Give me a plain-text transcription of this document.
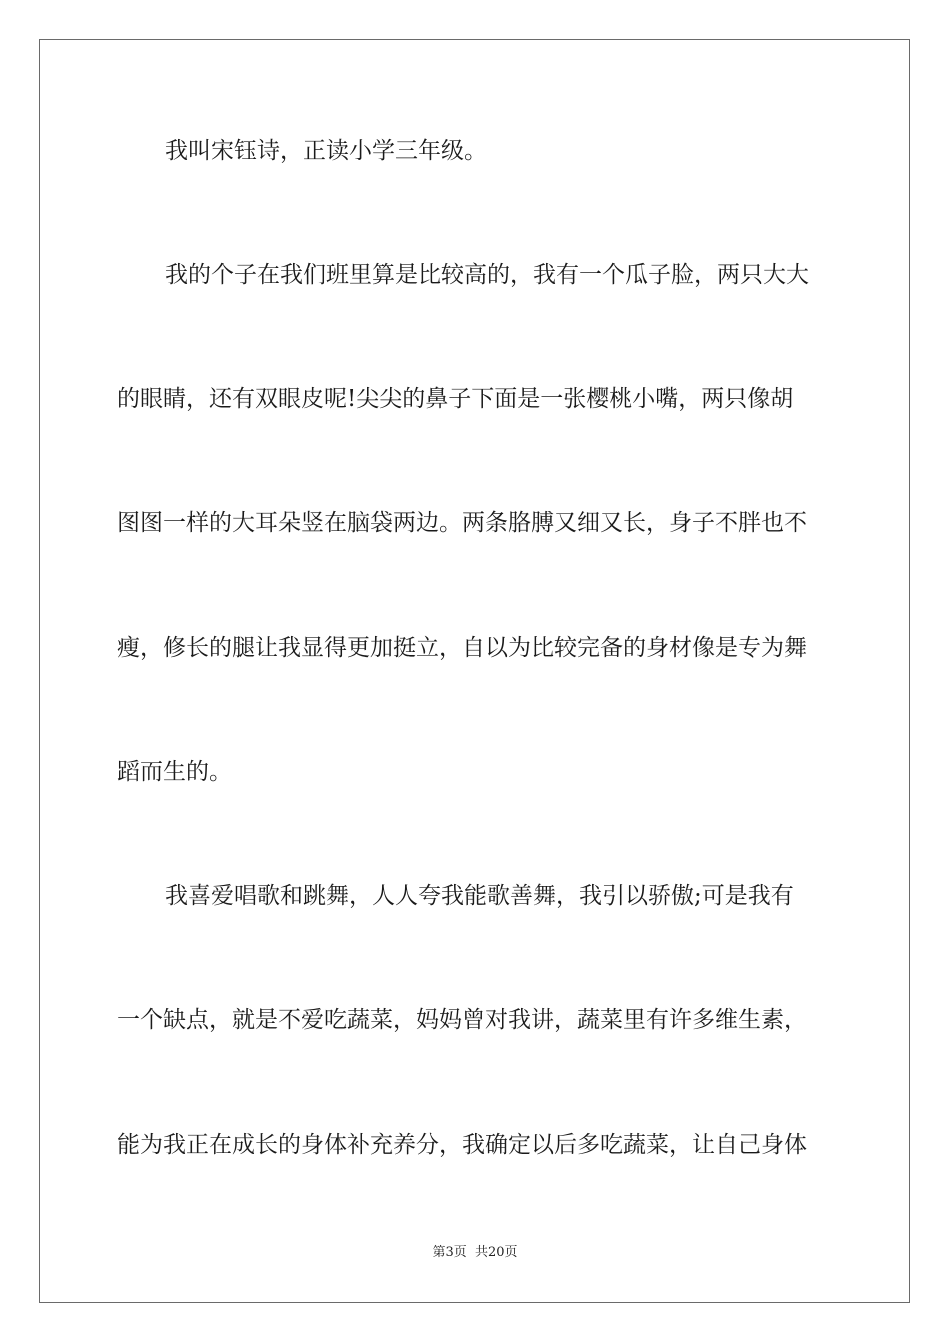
我叫宋钰诗，正读小学三年级。
我的个子在我们班里算是比较高的，我有一个瓜子脸，两只大大
的眼睛，还有双眼皮呢!尖尖的鼻子下面是一张樱桃小嘴，两只像胡
图图一样的大耳朵竖在脑袋两边。两条胳膊又细又长，身子不胖也不
瘦，修长的腿让我显得更加挺立，自以为比较完备的身材像是专为舞
蹈而生的。
我喜爱唱歌和跳舞，人人夸我能歌善舞，我引以骄傲;可是我有
一个缺点，就是不爱吃蔬菜，妈妈曾对我讲，蔬菜里有许多维生素，
能为我正在成长的身体补充养分，我确定以后多吃蔬菜，让自己身体
第3页 共20页
